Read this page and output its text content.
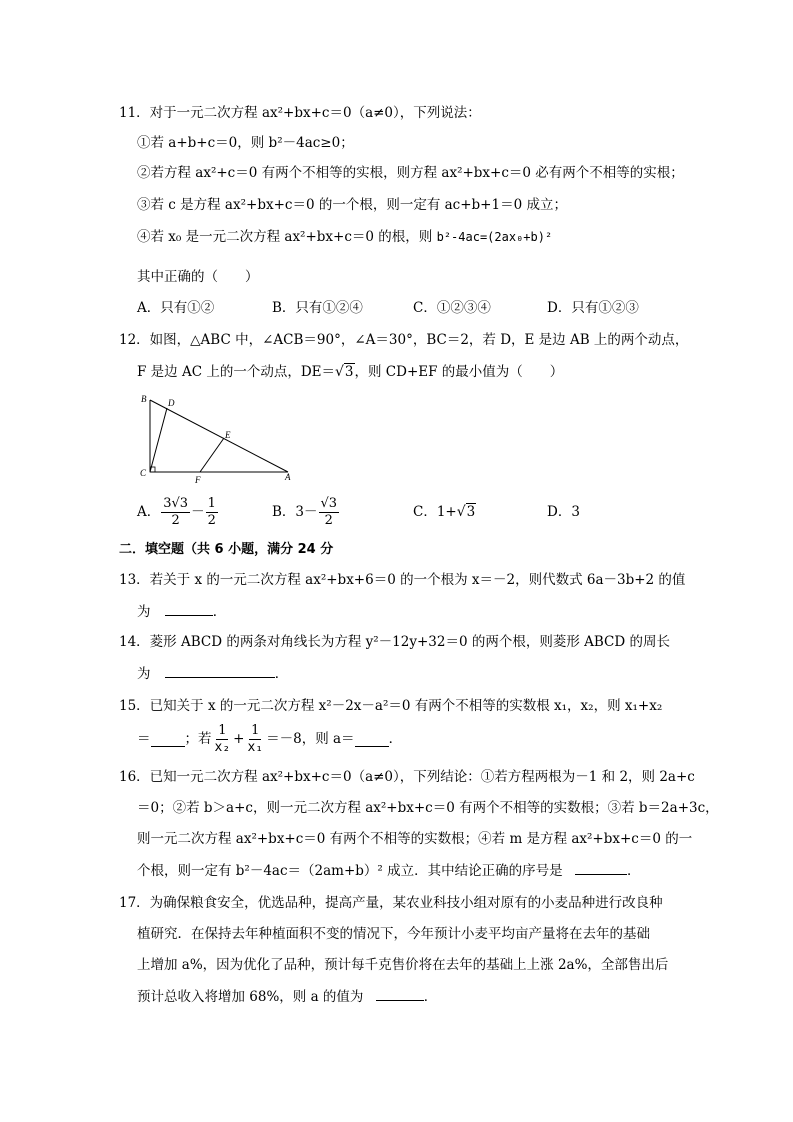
11．对于一元二次方程 ax²+bx+c＝0（a≠0），下列说法：
①若 a+b+c＝0，则 b²－4ac≥0；
②若方程 ax²+c＝0 有两个不相等的实根，则方程 ax²+bx+c＝0 必有两个不相等的实根；
③若 c 是方程 ax²+bx+c＝0 的一个根，则一定有 ac+b+1＝0 成立；
④若 x₀ 是一元二次方程 ax²+bx+c＝0 的根，则 b²-4ac=(2ax₀+b)²
其中正确的（　　）
A．只有①②	B．只有①②④	C．①②③④	D．只有①②③
12．如图，△ABC 中，∠ACB＝90°，∠A＝30°，BC＝2，若 D，E 是边 AB 上的两个动点，
F 是边 AC 上的一个动点，DE＝√3，则 CD+EF 的最小值为（　　）
B D
E
C
F	A
A． $\frac{3√3}{2} - \frac{1}{2}$	B．$3- \frac{√3}{2}$	C．1+√3	D．3
二．填空题（共 6 小题，满分 24 分
13．若关于 x 的一元二次方程 ax²+bx+6＝0 的一个根为 x＝－2，则代数式 6a－3b+2 的值
为	．
14．菱形 ABCD 的两条对角线长为方程 y²－12y+32＝0 的两个根，则菱形 ABCD 的周长
为	．
15．已知关于 x 的一元二次方程 x²－2x－a²＝0 有两个不相等的实数根 x₁，x₂，则 x₁+x₂
＝	；若 $\frac{1}{\text{x₂}} + \frac{1}{\text{x₁}} =-8$，则 a＝	．
16．已知一元二次方程 ax²+bx+c＝0（a≠0），下列结论：①若方程两根为－1 和 2，则 2a+c
＝0；②若 b＞a+c，则一元二次方程 ax²+bx+c＝0 有两个不相等的实数根；③若 b＝2a+3c，
则一元二次方程 ax²+bx+c＝0 有两个不相等的实数根；④若 m 是方程 ax²+bx+c＝0 的一
个根，则一定有 b²－4ac＝（2am+b）² 成立．其中结论正确的序号是	．
17．为确保粮食安全，优选品种，提高产量，某农业科技小组对原有的小麦品种进行改良种
植研究．在保持去年种植面积不变的情况下，今年预计小麦平均亩产量将在去年的基础
上增加 a%，因为优化了品种，预计每千克售价将在去年的基础上上涨 2a%，全部售出后
预计总收入将增加 68%，则 a 的值为	．
